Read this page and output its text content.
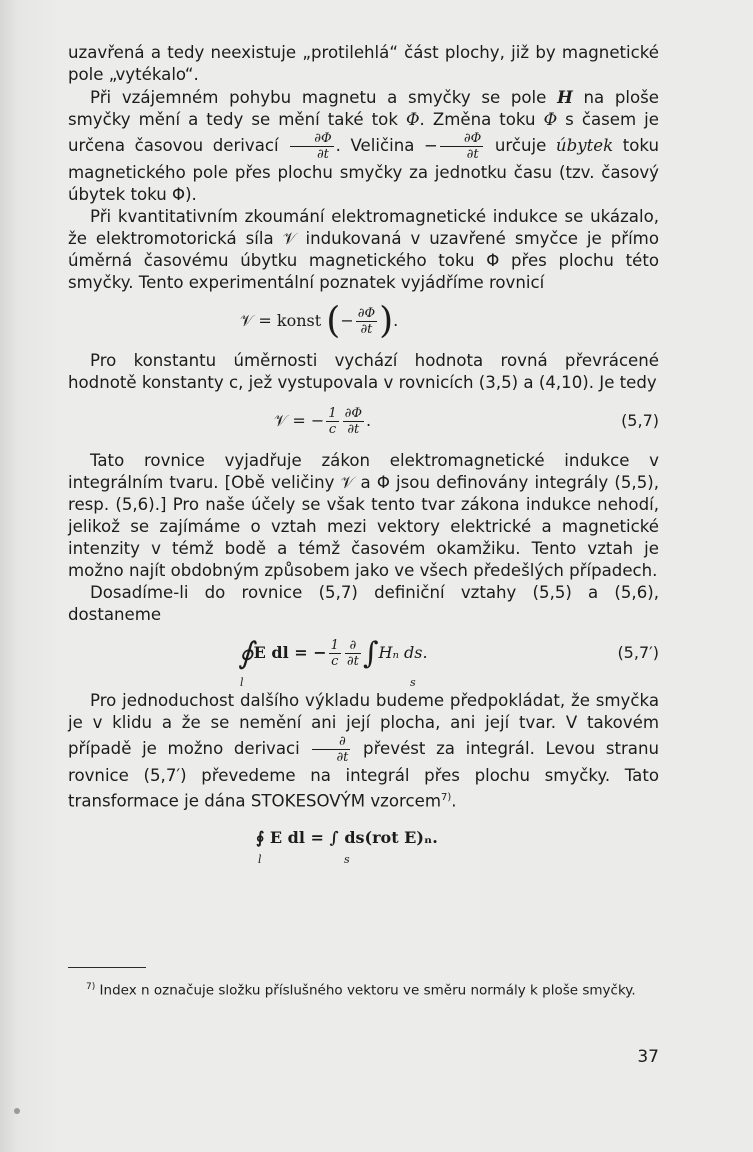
uzavřená a tedy neexistuje „protilehlá“ část plochy, již by magnetické pole „vytékalo“.

Při vzájemném pohybu magnetu a smyčky se pole H na ploše smyčky mění a tedy se mění také tok Φ. Změna toku Φ s časem je určena časovou derivací $\frac{\partial\Phi}{\partial t}$ . Veličina − $\frac{\partial\Phi}{\partial t}$ určuje úbytek toku magnetického pole přes plochu smyčky za jednotku času (tzv. časový úbytek toku Φ).

Při kvantitativním zkoumání elektromagnetické indukce se ukázalo, že elektromotorická síla 𝒱 indukovaná v uzavřené smyčce je přímo úměrná časovému úbytku magnetického toku Φ přes plochu této smyčky. Tento experimentální poznatek vyjádříme rovnicí

𝒱 = konst (− $\frac{\partial\Phi}{\partial t}$ ).

Pro konstantu úměrnosti vychází hodnota rovná převrácené hodnotě konstanty c, jež vystupovala v rovnicích (3,5) a (4,10). Je tedy

𝒱 = − $\frac{1}{c} \frac{\partial\Phi}{\partial t}$ .	(5,7)

Tato rovnice vyjadřuje zákon elektromagnetické indukce v integrálním tvaru. [Obě veličiny 𝒱 a Φ jsou definovány integrály (5,5), resp. (5,6).] Pro naše účely se však tento tvar zákona indukce nehodí, jelikož se zajímáme o vztah mezi vektory elektrické a magnetické intenzity v témž bodě a témž časovém okamžiku. Tento vztah je možno najít obdobným způsobem jako ve všech předešlých případech.

Dosadíme-li do rovnice (5,7) definiční vztahy (5,5) a (5,6), dostaneme

∮E dl = − $\frac{1}{c} \frac{\partial}{\partial t} \int H_n$ ds.
l	s
(5,7′)

Pro jednoduchost dalšího výkladu budeme předpokládat, že smyčka je v klidu a že se nemění ani její plocha, ani její tvar. V takovém případě je možno derivaci $\frac{\partial}{\partial t}$ převést za integrál. Levou stranu rovnice (5,7′) převedeme na integrál přes plochu smyčky. Tato transformace je dána STOKESOVÝM vzorcem$^{7)}$.

∮ E dl = ∫ ds(rot E)ₙ.
l	s
$^{7)}$ Index n označuje složku příslušného vektoru ve směru normály k ploše smyčky.
37
